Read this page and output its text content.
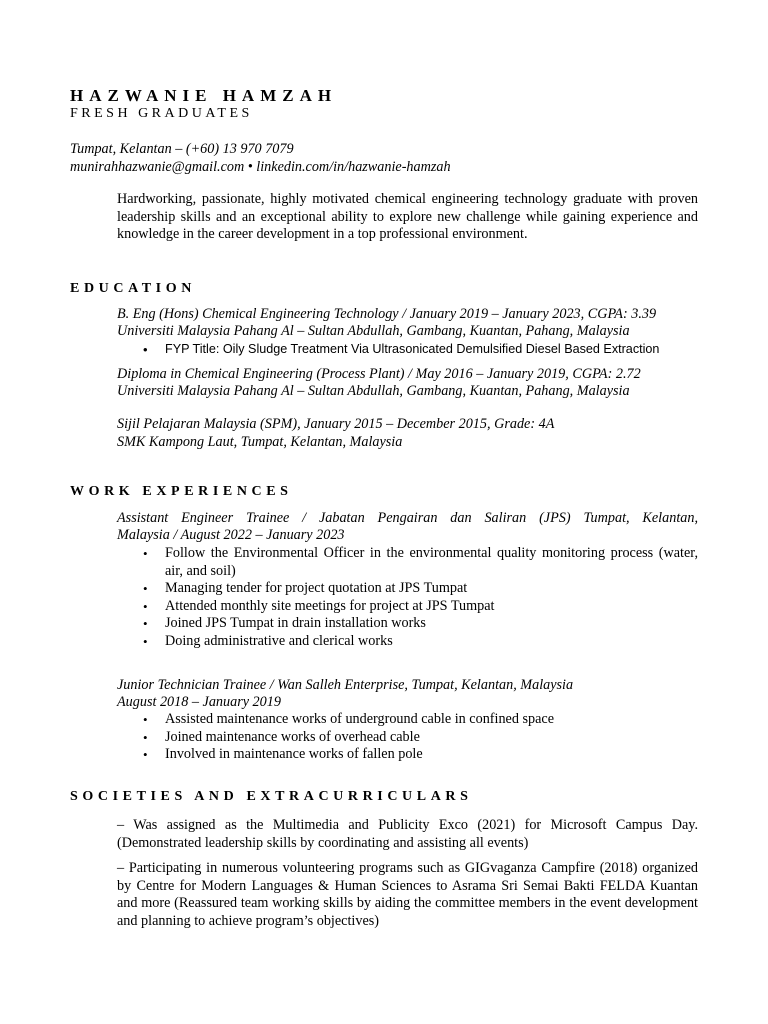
HAZWANIE HAMZAH
FRESH GRADUATES
Tumpat, Kelantan – (+60) 13 970 7079
munirahhazwanie@gmail.com • linkedin.com/in/hazwanie-hamzah
Hardworking, passionate, highly motivated chemical engineering technology graduate with proven leadership skills and an exceptional ability to explore new challenge while gaining experience and knowledge in the career development in a top professional environment.
EDUCATION
B. Eng (Hons) Chemical Engineering Technology / January 2019 – January 2023, CGPA: 3.39
Universiti Malaysia Pahang Al – Sultan Abdullah, Gambang, Kuantan, Pahang, Malaysia
• FYP Title: Oily Sludge Treatment Via Ultrasonicated Demulsified Diesel Based Extraction
Diploma in Chemical Engineering (Process Plant) / May 2016 – January 2019, CGPA: 2.72
Universiti Malaysia Pahang Al – Sultan Abdullah, Gambang, Kuantan, Pahang, Malaysia
Sijil Pelajaran Malaysia (SPM), January 2015 – December 2015, Grade: 4A
SMK Kampong Laut, Tumpat, Kelantan, Malaysia
WORK EXPERIENCES
Assistant Engineer Trainee / Jabatan Pengairan dan Saliran (JPS) Tumpat, Kelantan,
Malaysia / August 2022 – January 2023
• Follow the Environmental Officer in the environmental quality monitoring process (water, air, and soil)
• Managing tender for project quotation at JPS Tumpat
• Attended monthly site meetings for project at JPS Tumpat
• Joined JPS Tumpat in drain installation works
• Doing administrative and clerical works
Junior Technician Trainee / Wan Salleh Enterprise, Tumpat, Kelantan, Malaysia
August 2018 – January 2019
• Assisted maintenance works of underground cable in confined space
• Joined maintenance works of overhead cable
• Involved in maintenance works of fallen pole
SOCIETIES AND EXTRACURRICULARS
– Was assigned as the Multimedia and Publicity Exco (2021) for Microsoft Campus Day. (Demonstrated leadership skills by coordinating and assisting all events)
– Participating in numerous volunteering programs such as GIGvaganza Campfire (2018) organized by Centre for Modern Languages & Human Sciences to Asrama Sri Semai Bakti FELDA Kuantan and more (Reassured team working skills by aiding the committee members in the event development and planning to achieve program’s objectives)
